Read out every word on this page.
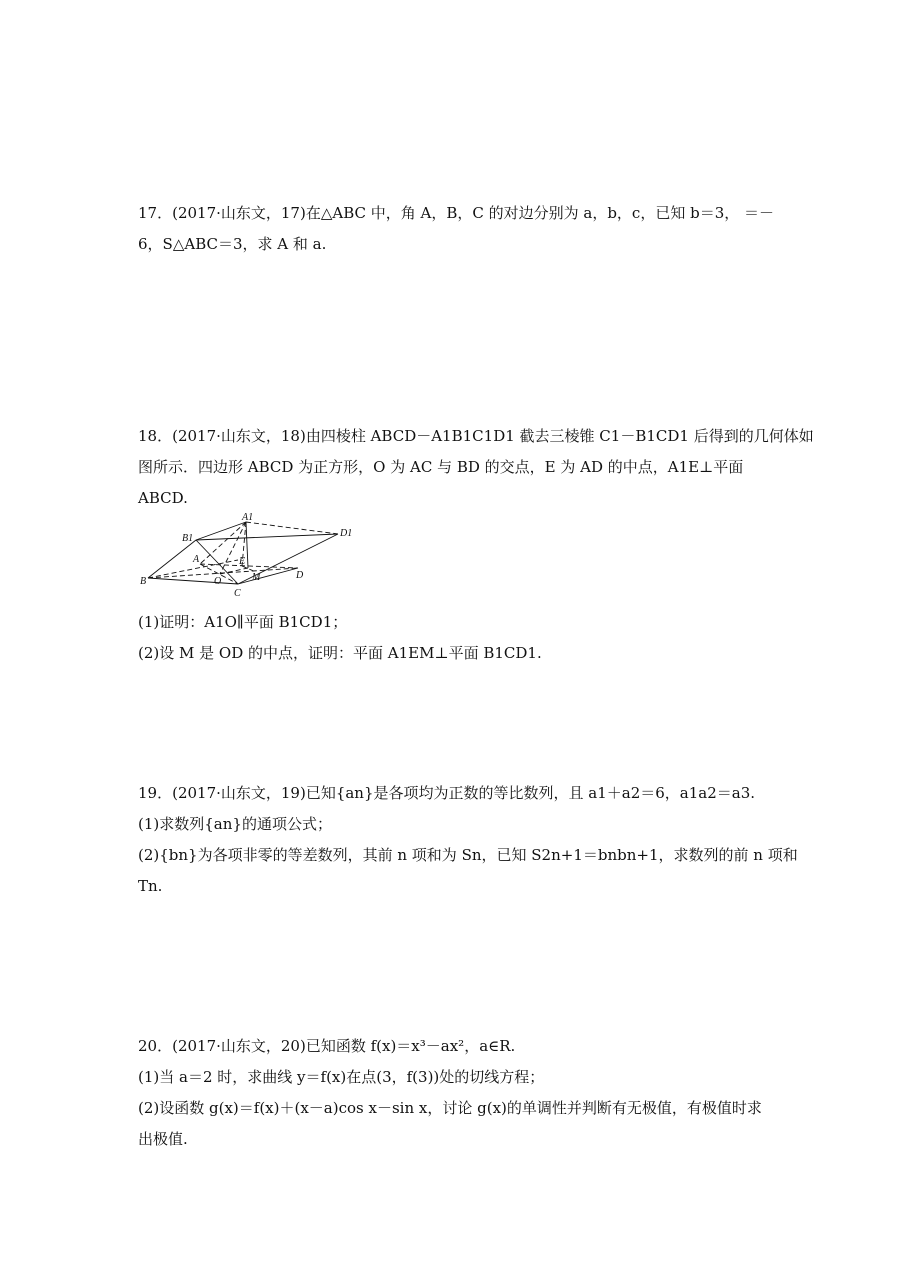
17．(2017·山东文，17)在△ABC 中，角 A，B，C 的对边分别为 a，b，c，已知 b＝3， ＝－
6，S△ABC＝3，求 A 和 a.
18．(2017·山东文，18)由四棱柱 ABCD－A1B1C1D1 截去三棱锥 C1－B1CD1 后得到的几何体如
图所示．四边形 ABCD 为正方形，O 为 AC 与 BD 的交点，E 为 AD 的中点，A1E⊥平面
ABCD.
A1
B1	D1
A
B
C
D
E
O	M
(1)证明：A1O∥平面 B1CD1；
(2)设 M 是 OD 的中点，证明：平面 A1EM⊥平面 B1CD1.
19．(2017·山东文，19)已知{an}是各项均为正数的等比数列，且 a1＋a2＝6，a1a2＝a3.
(1)求数列{an}的通项公式；
(2){bn}为各项非零的等差数列，其前 n 项和为 Sn，已知 S2n+1＝bnbn+1，求数列的前 n 项和
Tn.
20．(2017·山东文，20)已知函数 f(x)＝x³－ax²，a∈R.
(1)当 a＝2 时，求曲线 y＝f(x)在点(3，f(3))处的切线方程；
(2)设函数 g(x)＝f(x)＋(x－a)cos x－sin x，讨论 g(x)的单调性并判断有无极值，有极值时求
出极值.
